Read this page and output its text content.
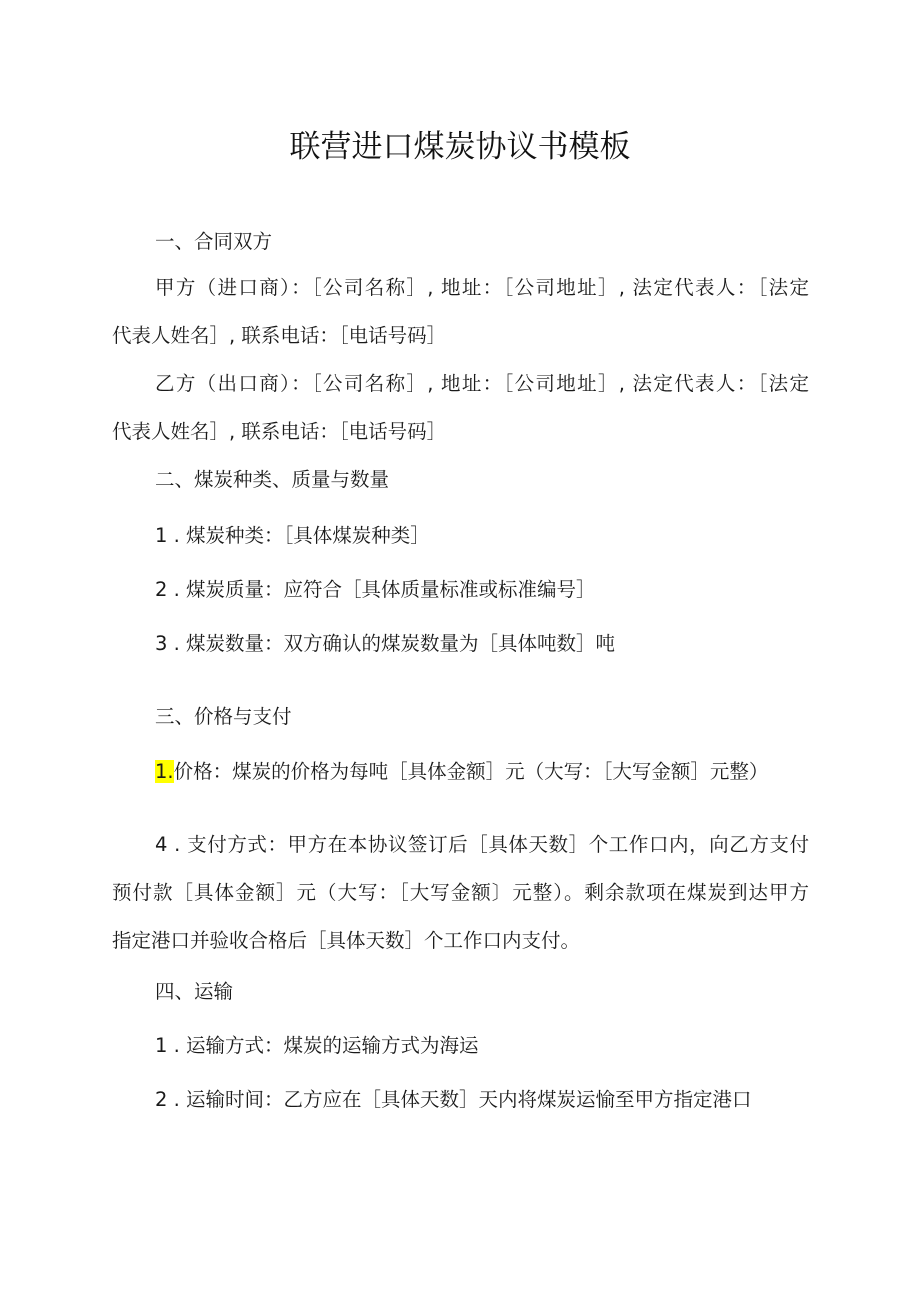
联营进口煤炭协议书模板
一、合同双方
甲方（进口商）：［公司名称］, 地址：［公司地址］, 法定代表人：［法定
代表人姓名］, 联系电话：［电话号码］
乙方（出口商）：［公司名称］, 地址：［公司地址］, 法定代表人：［法定
代表人姓名］, 联系电话：［电话号码］
二、煤炭种类、质量与数量
1 . 煤炭种类：［具体煤炭种类］
2 . 煤炭质量：应符合［具体质量标准或标准编号］
3 . 煤炭数量：双方确认的煤炭数量为［具体吨数］吨
三、价格与支付
1.价格：煤炭的价格为每吨［具体金额］元（大写：［大写金额］元整）
4 . 支付方式：甲方在本协议签订后［具体天数］个工作口内，向乙方支付
预付款［具体金额］元（大写：［大写金额〕元整）。剩余款项在煤炭到达甲方
指定港口并验收合格后［具体天数］个工作口内支付。
四、运输
1 . 运输方式：煤炭的运输方式为海运
2 . 运输时间：乙方应在［具体天数］天内将煤炭运愉至甲方指定港口
